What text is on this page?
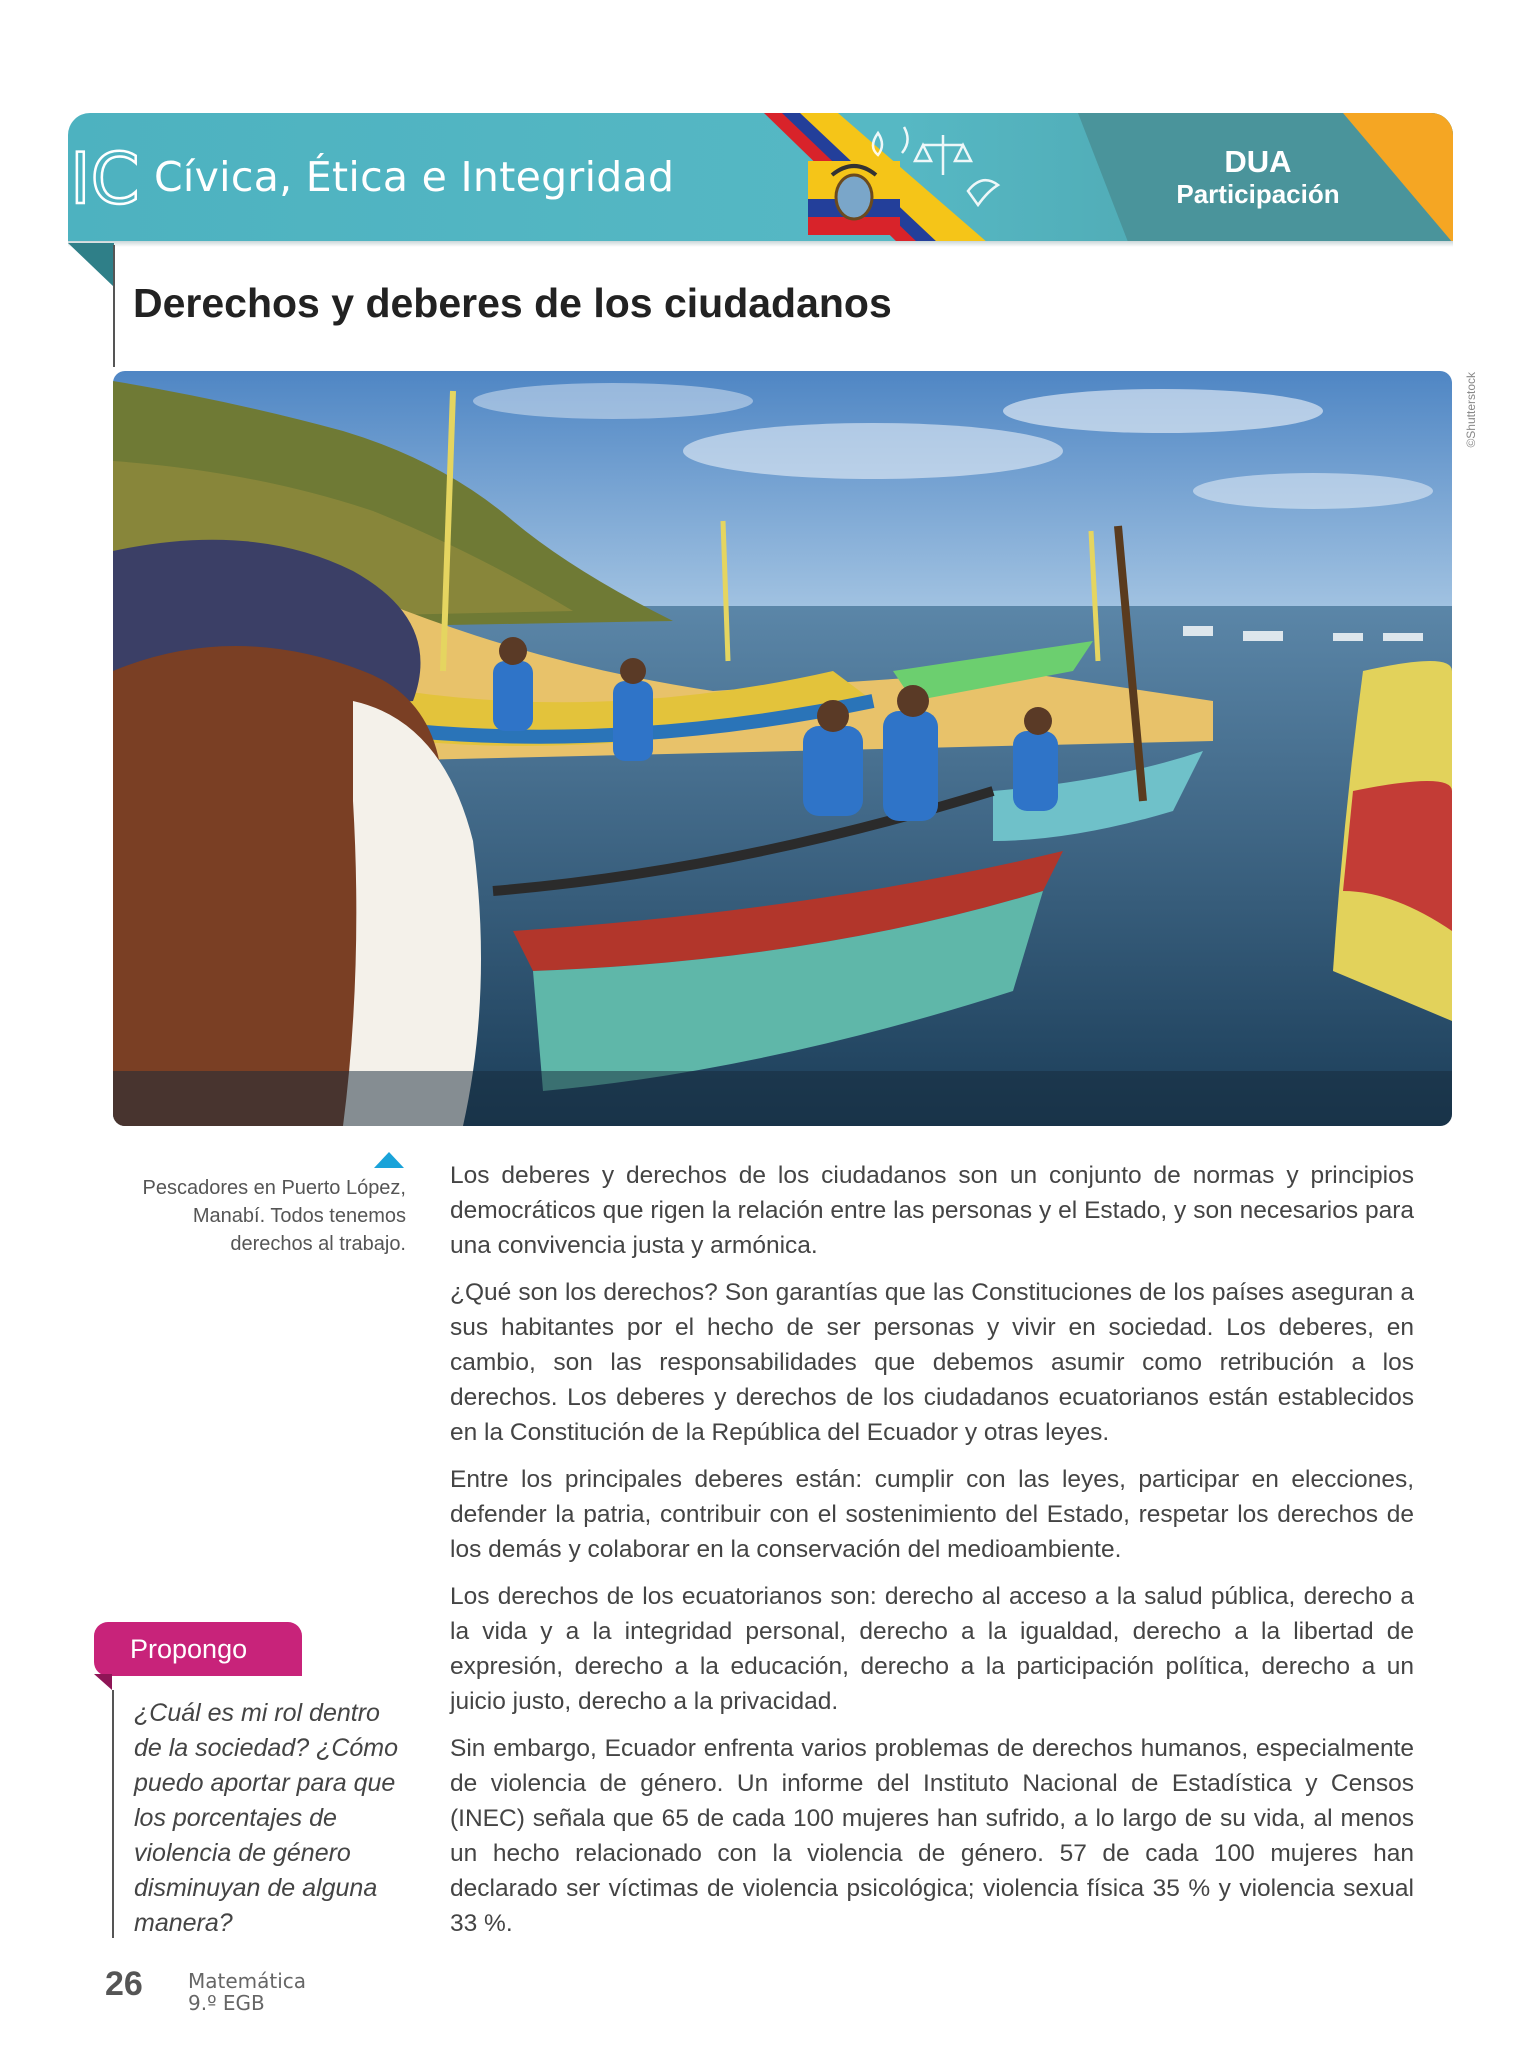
IC Cívica, Ética e Integridad	DUA
Participación
Derechos y deberes de los ciudadanos
©Shutterstock
Pescadores en Puerto López, Manabí. Todos tenemos derechos al trabajo.

Los deberes y derechos de los ciudadanos son un conjunto de normas y principios democráticos que rigen la relación entre las personas y el Estado, y son necesarios para una convivencia justa y armónica.

¿Qué son los derechos? Son garantías que las Constituciones de los países aseguran a sus habitantes por el hecho de ser personas y vivir en sociedad. Los deberes, en cambio, son las responsabilidades que debemos asumir como retribución a los derechos. Los deberes y derechos de los ciudadanos ecuatorianos están establecidos en la Constitución de la República del Ecuador y otras leyes.

Entre los principales deberes están: cumplir con las leyes, participar en elecciones, defender la patria, contribuir con el sostenimiento del Estado, respetar los derechos de los demás y colaborar en la conservación del medioambiente.

Los derechos de los ecuatorianos son: derecho al acceso a la salud pública, derecho a la vida y a la integridad personal, derecho a la igualdad, derecho a la libertad de expresión, derecho a la educación, derecho a la participación política, derecho a un juicio justo, derecho a la privacidad.

Sin embargo, Ecuador enfrenta varios problemas de derechos humanos, especialmente de violencia de género. Un informe del Instituto Nacional de Estadística y Censos (INEC) señala que 65 de cada 100 mujeres han sufrido, a lo largo de su vida, al menos un hecho relacionado con la violencia de género. 57 de cada 100 mujeres han declarado ser víctimas de violencia psicológica; violencia física 35 % y violencia sexual 33 %.

Propongo
¿Cuál es mi rol dentro de la sociedad? ¿Cómo puedo aportar para que los porcentajes de violencia de género disminuyan de alguna manera?
26 Matemática
9.º EGB
